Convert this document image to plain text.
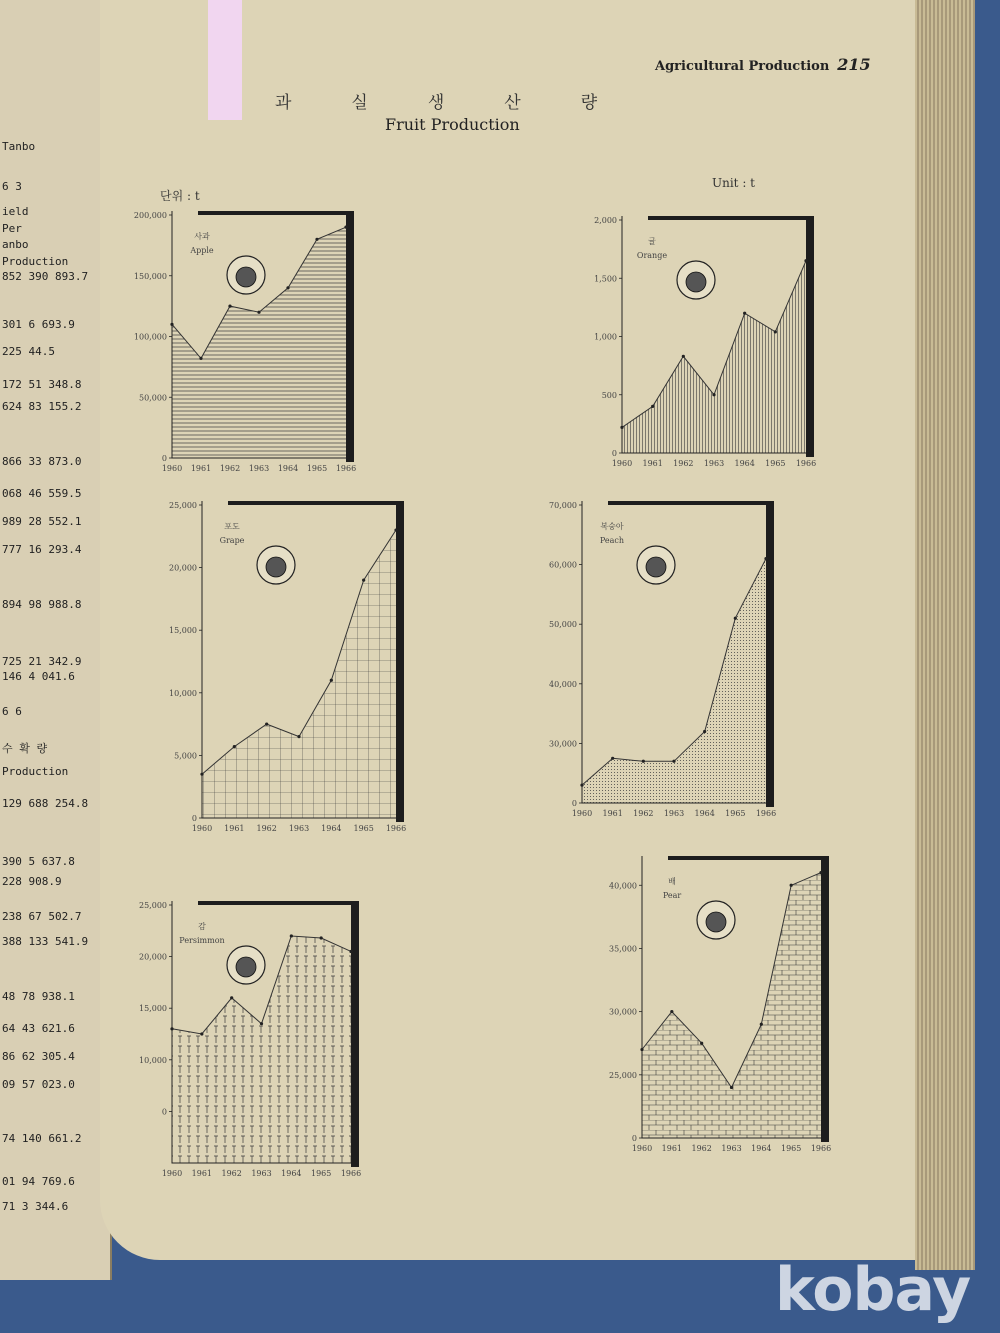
Tanbo
6 3
ield
Per
anbo
Production
852 390 893.7
301 6 693.9
225 44.5
172 51 348.8
624 83 155.2
866 33 873.0
068 46 559.5
989 28 552.1
777 16 293.4
894 98 988.8
725 21 342.9
146 4 041.6
6 6
수 확 량
Production
129 688 254.8
390 5 637.8
228 908.9
238 67 502.7
388 133 541.9
48 78 938.1
64 43 621.6
86 62 305.4
09 57 023.0
74 140 661.2
01 94 769.6
71 3 344.6
Agricultural Production 215
과실생산량
Fruit Production
단위 : t
Unit : t
0
50,000
100,000
150,000
200,000
1960 1961 1962 1963 1964 1965 1966
사과
Apple
0
500
1,000
1,500
2,000
1960 1961 1962 1963 1964 1965 1966
귤
Orange
0
5,000
10,000
15,000
20,000
25,000
1960 1961 1962 1963 1964 1965 1966
포도
Grape
0
30,000
40,000
50,000
60,000
70,000
1960 1961 1962 1963 1964 1965 1966
복숭아
Peach
0
10,000
15,000
20,000
25,000
1960 1961 1962 1963 1964 1965 1966
감
Persimmon
0
25,000
30,000
35,000
40,000
1960 1961 1962 1963 1964 1965 1966
배
Pear
kobay
